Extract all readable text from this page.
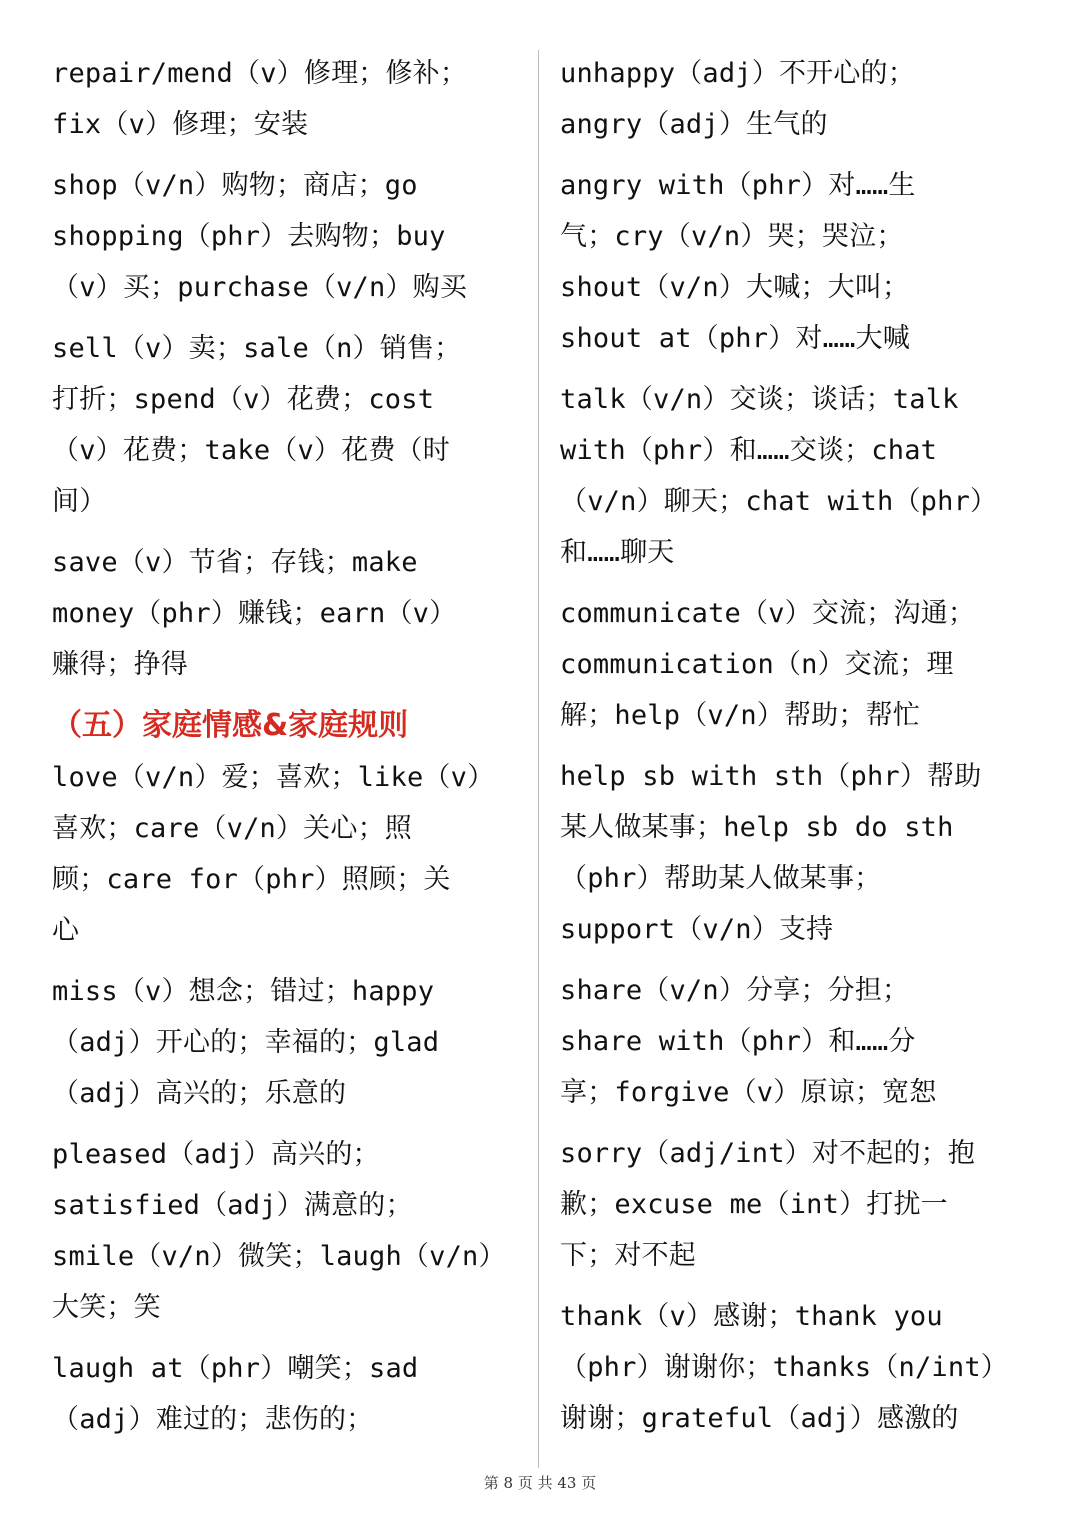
repair/mend（v）修理；修补；
fix（v）修理；安装
shop（v/n）购物；商店；go
shopping（phr）去购物；buy
（v）买；purchase（v/n）购买
sell（v）卖；sale（n）销售；
打折；spend（v）花费；cost
（v）花费；take（v）花费（时
间）
save（v）节省；存钱；make
money（phr）赚钱；earn（v）
赚得；挣得
（五）家庭情感&家庭规则
love（v/n）爱；喜欢；like（v）
喜欢；care（v/n）关心；照
顾；care for（phr）照顾；关
心
miss（v）想念；错过；happy
（adj）开心的；幸福的；glad
（adj）高兴的；乐意的
pleased（adj）高兴的；
satisfied（adj）满意的；
smile（v/n）微笑；laugh（v/n）
大笑；笑
laugh at（phr）嘲笑；sad
（adj）难过的；悲伤的；
unhappy（adj）不开心的；
angry（adj）生气的
angry with（phr）对……生
气；cry（v/n）哭；哭泣；
shout（v/n）大喊；大叫；
shout at（phr）对……大喊
talk（v/n）交谈；谈话；talk
with（phr）和……交谈；chat
（v/n）聊天；chat with（phr）
和……聊天
communicate（v）交流；沟通；
communication（n）交流；理
解；help（v/n）帮助；帮忙
help sb with sth（phr）帮助
某人做某事；help sb do sth
（phr）帮助某人做某事；
support（v/n）支持
share（v/n）分享；分担；
share with（phr）和……分
享；forgive（v）原谅；宽恕
sorry（adj/int）对不起的；抱
歉；excuse me（int）打扰一
下；对不起
thank（v）感谢；thank you
（phr）谢谢你；thanks（n/int）
谢谢；grateful（adj）感激的
第 8 页 共 43 页
